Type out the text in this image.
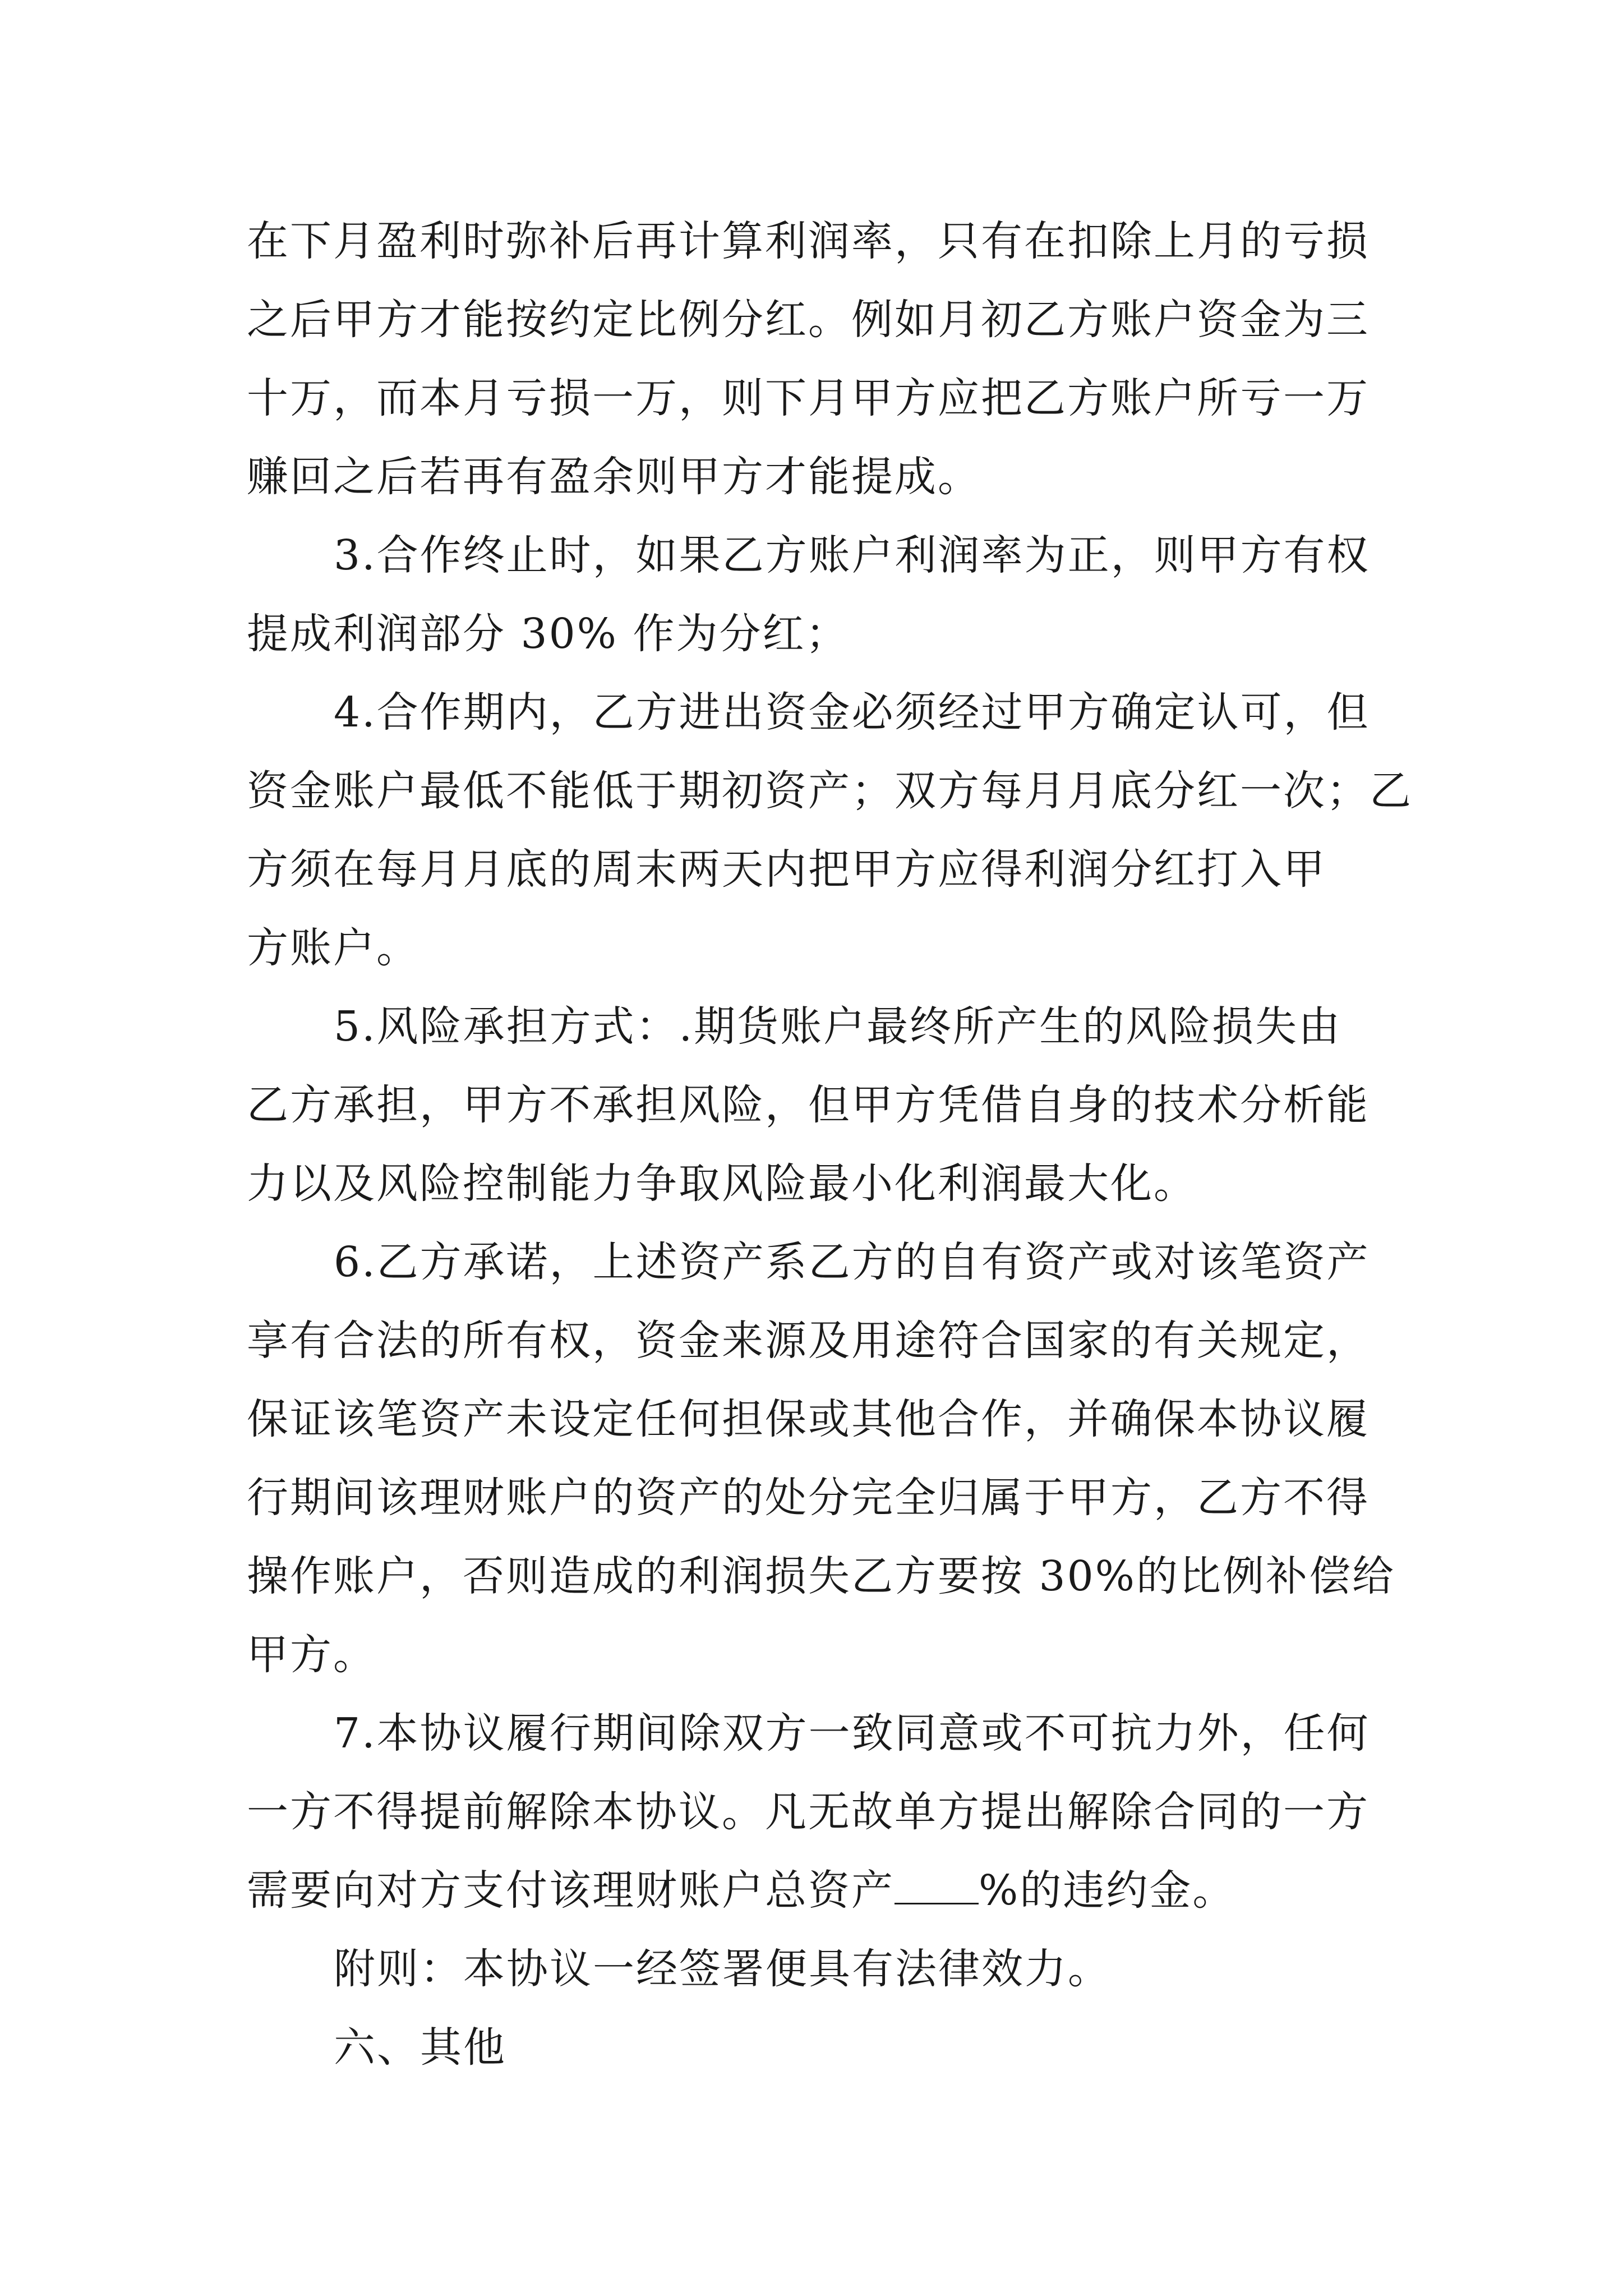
在下月盈利时弥补后再计算利润率，只有在扣除上月的亏损
之后甲方才能按约定比例分红。例如月初乙方账户资金为三
十万，而本月亏损一万，则下月甲方应把乙方账户所亏一万
赚回之后若再有盈余则甲方才能提成。
3.合作终止时，如果乙方账户利润率为正，则甲方有权
提成利润部分 30% 作为分红；
4.合作期内，乙方进出资金必须经过甲方确定认可，但
资金账户最低不能低于期初资产；双方每月月底分红一次；乙
方须在每月月底的周末两天内把甲方应得利润分红打入甲
方账户。
5.风险承担方式：.期货账户最终所产生的风险损失由
乙方承担，甲方不承担风险，但甲方凭借自身的技术分析能
力以及风险控制能力争取风险最小化利润最大化。
6.乙方承诺，上述资产系乙方的自有资产或对该笔资产
享有合法的所有权，资金来源及用途符合国家的有关规定，
保证该笔资产未设定任何担保或其他合作，并确保本协议履
行期间该理财账户的资产的处分完全归属于甲方，乙方不得
操作账户，否则造成的利润损失乙方要按 30%的比例补偿给
甲方。
7.本协议履行期间除双方一致同意或不可抗力外，任何
一方不得提前解除本协议。凡无故单方提出解除合同的一方
需要向对方支付该理财账户总资产 %的违约金。
附则：本协议一经签署便具有法律效力。
六、其他
